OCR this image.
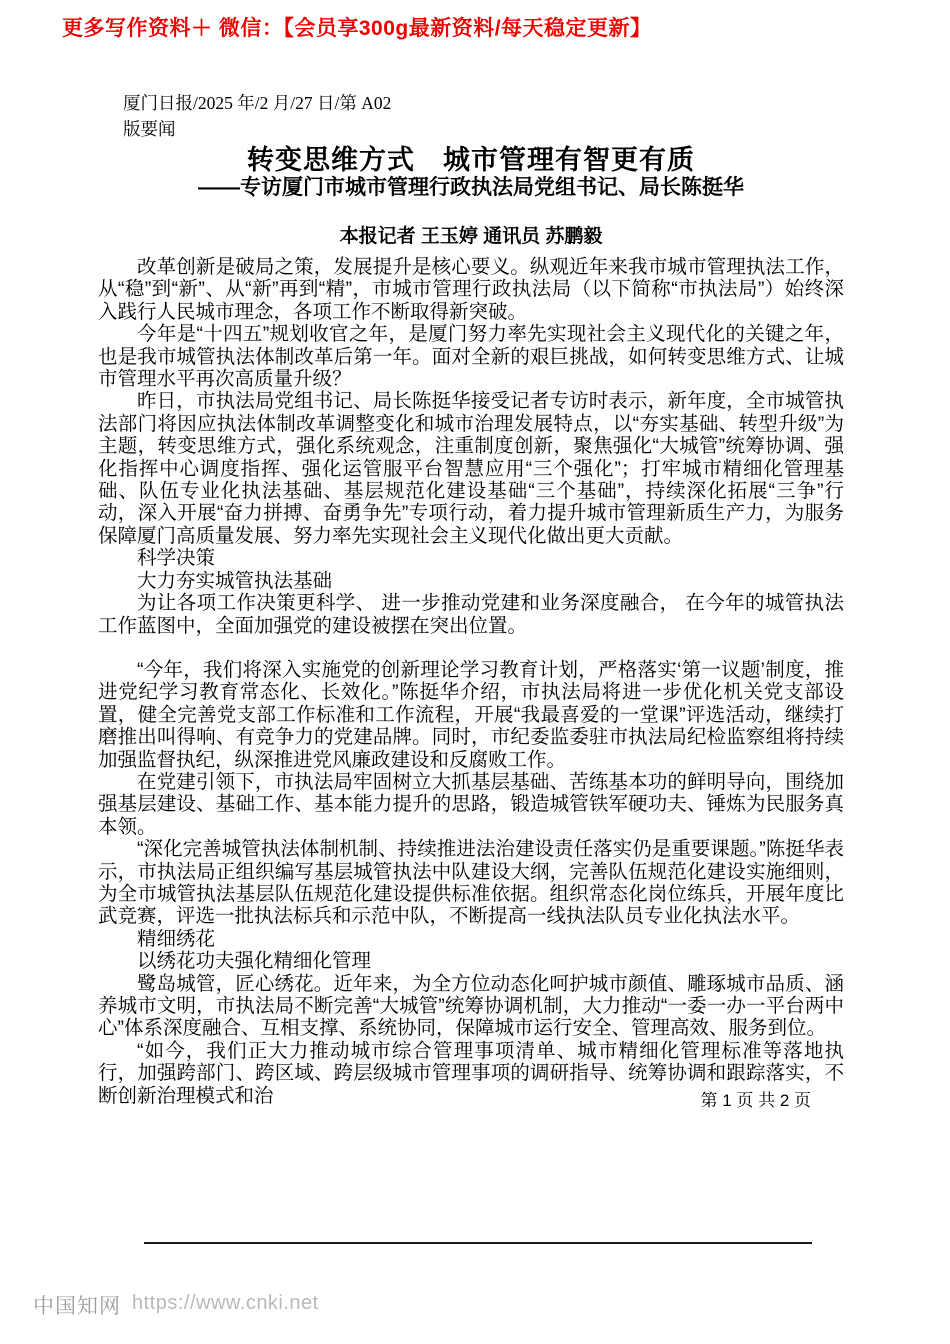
更多写作资料＋ 微信：【会员享300g最新资料/每天稳定更新】
厦门日报/2025 年/2 月/27 日/第 A02
版要闻
转变思维方式　城市管理有智更有质
——专访厦门市城市管理行政执法局党组书记、局长陈挺华
本报记者 王玉婷 通讯员 苏鹏毅

改革创新是破局之策，发展提升是核心要义。纵观近年来我市城市管理执法工作，从“稳”到“新”、从“新”再到“精”，市城市管理行政执法局（以下简称“市执法局”）始终深入践行人民城市理念，各项工作不断取得新突破。

今年是“十四五”规划收官之年，是厦门努力率先实现社会主义现代化的关键之年，也是我市城管执法体制改革后第一年。面对全新的艰巨挑战，如何转变思维方式、让城市管理水平再次高质量升级？

昨日，市执法局党组书记、局长陈挺华接受记者专访时表示，新年度，全市城管执法部门将因应执法体制改革调整变化和城市治理发展特点，以“夯实基础、转型升级”为主题，转变思维方式，强化系统观念，注重制度创新，聚焦强化“大城管”统筹协调、强化指挥中心调度指挥、强化运管服平台智慧应用“三个强化”；打牢城市精细化管理基础、队伍专业化执法基础、基层规范化建设基础“三个基础”，持续深化拓展“三争”行动，深入开展“奋力拼搏、奋勇争先”专项行动，着力提升城市管理新质生产力，为服务保障厦门高质量发展、努力率先实现社会主义现代化做出更大贡献。

科学决策

大力夯实城管执法基础

为让各项工作决策更科学、 进一步推动党建和业务深度融合， 在今年的城管执法工作蓝图中，全面加强党的建设被摆在突出位置。

“今年，我们将深入实施党的创新理论学习教育计划，严格落实‘第一议题’制度，推进党纪学习教育常态化、长效化。”陈挺华介绍，市执法局将进一步优化机关党支部设置，健全完善党支部工作标准和工作流程，开展“我最喜爱的一堂课”评选活动，继续打磨推出叫得响、有竞争力的党建品牌。同时，市纪委监委驻市执法局纪检监察组将持续加强监督执纪，纵深推进党风廉政建设和反腐败工作。

在党建引领下，市执法局牢固树立大抓基层基础、苦练基本功的鲜明导向，围绕加强基层建设、基础工作、基本能力提升的思路，锻造城管铁军硬功夫、锤炼为民服务真本领。

“深化完善城管执法体制机制、持续推进法治建设责任落实仍是重要课题。”陈挺华表示，市执法局正组织编写基层城管执法中队建设大纲，完善队伍规范化建设实施细则，为全市城管执法基层队伍规范化建设提供标准依据。组织常态化岗位练兵，开展年度比武竞赛，评选一批执法标兵和示范中队，不断提高一线执法队员专业化执法水平。

精细绣花

以绣花功夫强化精细化管理

鹭岛城管，匠心绣花。近年来，为全方位动态化呵护城市颜值、雕琢城市品质、涵养城市文明，市执法局不断完善“大城管”统筹协调机制，大力推动“一委一办一平台两中心”体系深度融合、互相支撑、系统协同，保障城市运行安全、管理高效、服务到位。

“如今，我们正大力推动城市综合管理事项清单、城市精细化管理标准等落地执行，加强跨部门、跨区域、跨层级城市管理事项的调研指导、统筹协调和跟踪落实，不断创新治理模式和治	第 1 页 共 2 页
中国知网 https://www.cnki.net
